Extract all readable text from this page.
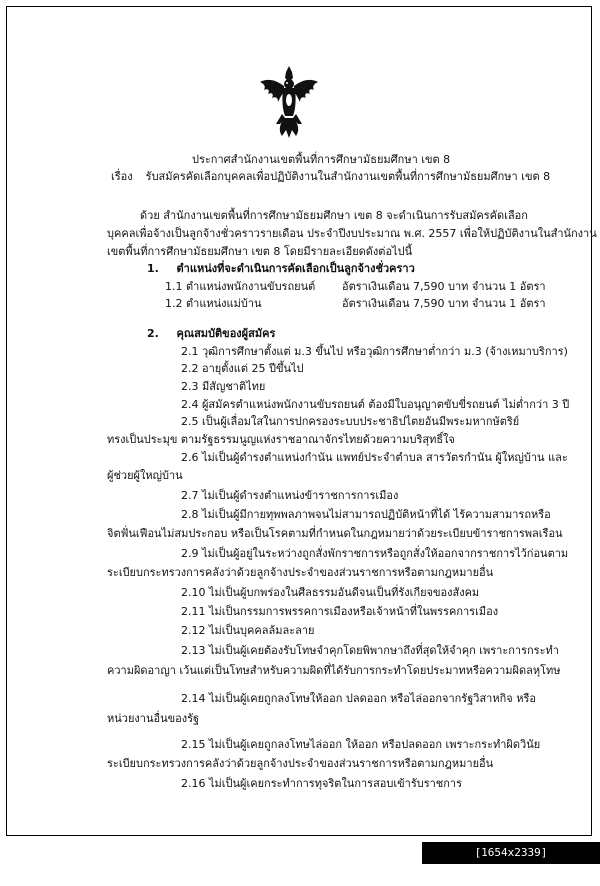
ประกาศสำนักงานเขตพื้นที่การศึกษามัธยมศึกษา เขต 8
เรื่อง รับสมัครคัดเลือกบุคคลเพื่อปฏิบัติงานในสำนักงานเขตพื้นที่การศึกษามัธยมศึกษา เขต 8
ด้วย สำนักงานเขตพื้นที่การศึกษามัธยมศึกษา เขต 8 จะดำเนินการรับสมัครคัดเลือก
บุคคลเพื่อจ้างเป็นลูกจ้างชั่วคราวรายเดือน ประจำปีงบประมาณ พ.ศ. 2557 เพื่อให้ปฏิบัติงานในสำนักงาน
เขตพื้นที่การศึกษามัธยมศึกษา เขต 8 โดยมีรายละเอียดดังต่อไปนี้
1. ตำแหน่งที่จะดำเนินการคัดเลือกเป็นลูกจ้างชั่วคราว
1.1 ตำแหน่งพนักงานขับรถยนต์ อัตราเงินเดือน 7,590 บาท จำนวน 1 อัตรา
1.2 ตำแหน่งแม่บ้าน	อัตราเงินเดือน 7,590 บาท จำนวน 1 อัตรา
2. คุณสมบัติของผู้สมัคร
2.1 วุฒิการศึกษาตั้งแต่ ม.3 ขึ้นไป หรือวุฒิการศึกษาต่ำกว่า ม.3 (จ้างเหมาบริการ)
2.2 อายุตั้งแต่ 25 ปีขึ้นไป
2.3 มีสัญชาติไทย
2.4 ผู้สมัครตำแหน่งพนักงานขับรถยนต์ ต้องมีใบอนุญาตขับขี่รถยนต์ ไม่ต่ำกว่า 3 ปี
2.5 เป็นผู้เลื่อมใสในการปกครองระบบประชาธิปไตยอันมีพระมหากษัตริย์
ทรงเป็นประมุข ตามรัฐธรรมนูญแห่งราชอาณาจักรไทยด้วยความบริสุทธิ์ใจ
2.6 ไม่เป็นผู้ดำรงตำแหน่งกำนัน แพทย์ประจำตำบล สารวัตรกำนัน ผู้ใหญ่บ้าน และ
ผู้ช่วยผู้ใหญ่บ้าน
2.7 ไม่เป็นผู้ดำรงตำแหน่งข้าราชการการเมือง
2.8 ไม่เป็นผู้มีกายทุพพลภาพจนไม่สามารถปฏิบัติหน้าที่ได้ ไร้ความสามารถหรือ
จิตฟั่นเฟือนไม่สมประกอบ หรือเป็นโรคตามที่กำหนดในกฎหมายว่าด้วยระเบียบข้าราชการพลเรือน
2.9 ไม่เป็นผู้อยู่ในระหว่างถูกสั่งพักราชการหรือถูกสั่งให้ออกจากราชการไว้ก่อนตาม
ระเบียบกระทรวงการคลังว่าด้วยลูกจ้างประจำของส่วนราชการหรือตามกฎหมายอื่น
2.10 ไม่เป็นผู้บกพร่องในศีลธรรมอันดีจนเป็นที่รังเกียจของสังคม
2.11 ไม่เป็นกรรมการพรรคการเมืองหรือเจ้าหน้าที่ในพรรคการเมือง
2.12 ไม่เป็นบุคคลล้มละลาย
2.13 ไม่เป็นผู้เคยต้องรับโทษจำคุกโดยพิพากษาถึงที่สุดให้จำคุก เพราะการกระทำ
ความผิดอาญา เว้นแต่เป็นโทษสำหรับความผิดที่ได้รับการกระทำโดยประมาทหรือความผิดลหุโทษ
2.14 ไม่เป็นผู้เคยถูกลงโทษให้ออก ปลดออก หรือไล่ออกจากรัฐวิสาหกิจ หรือ
หน่วยงานอื่นของรัฐ
2.15 ไม่เป็นผู้เคยถูกลงโทษไล่ออก ให้ออก หรือปลดออก เพราะกระทำผิดวินัย
ระเบียบกระทรวงการคลังว่าด้วยลูกจ้างประจำของส่วนราชการหรือตามกฎหมายอื่น
2.16 ไม่เป็นผู้เคยกระทำการทุจริตในการสอบเข้ารับราชการ
[1654x2339] http://upic.me/
